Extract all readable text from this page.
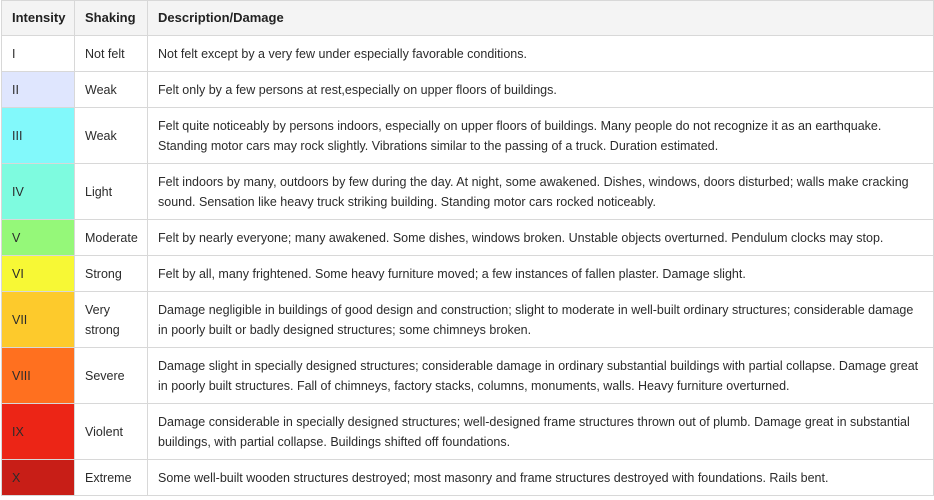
Intensity	Shaking	Description/Damage
I	Not felt	Not felt except by a very few under especially favorable conditions.
II	Weak	Felt only by a few persons at rest,especially on upper floors of buildings.
III	Weak	Felt quite noticeably by persons indoors, especially on upper floors of buildings. Many people do not recognize it as an earthquake. Standing motor cars may rock slightly. Vibrations similar to the passing of a truck. Duration estimated.
IV	Light	Felt indoors by many, outdoors by few during the day. At night, some awakened. Dishes, windows, doors disturbed; walls make cracking sound. Sensation like heavy truck striking building. Standing motor cars rocked noticeably.
V	Moderate	Felt by nearly everyone; many awakened. Some dishes, windows broken. Unstable objects overturned. Pendulum clocks may stop.
VI	Strong	Felt by all, many frightened. Some heavy furniture moved; a few instances of fallen plaster. Damage slight.
VII	Very strong	Damage negligible in buildings of good design and construction; slight to moderate in well-built ordinary structures; considerable damage in poorly built or badly designed structures; some chimneys broken.
VIII	Severe	Damage slight in specially designed structures; considerable damage in ordinary substantial buildings with partial collapse. Damage great in poorly built structures. Fall of chimneys, factory stacks, columns, monuments, walls. Heavy furniture overturned.
IX	Violent	Damage considerable in specially designed structures; well-designed frame structures thrown out of plumb. Damage great in substantial buildings, with partial collapse. Buildings shifted off foundations.
X	Extreme	Some well-built wooden structures destroyed; most masonry and frame structures destroyed with foundations. Rails bent.
